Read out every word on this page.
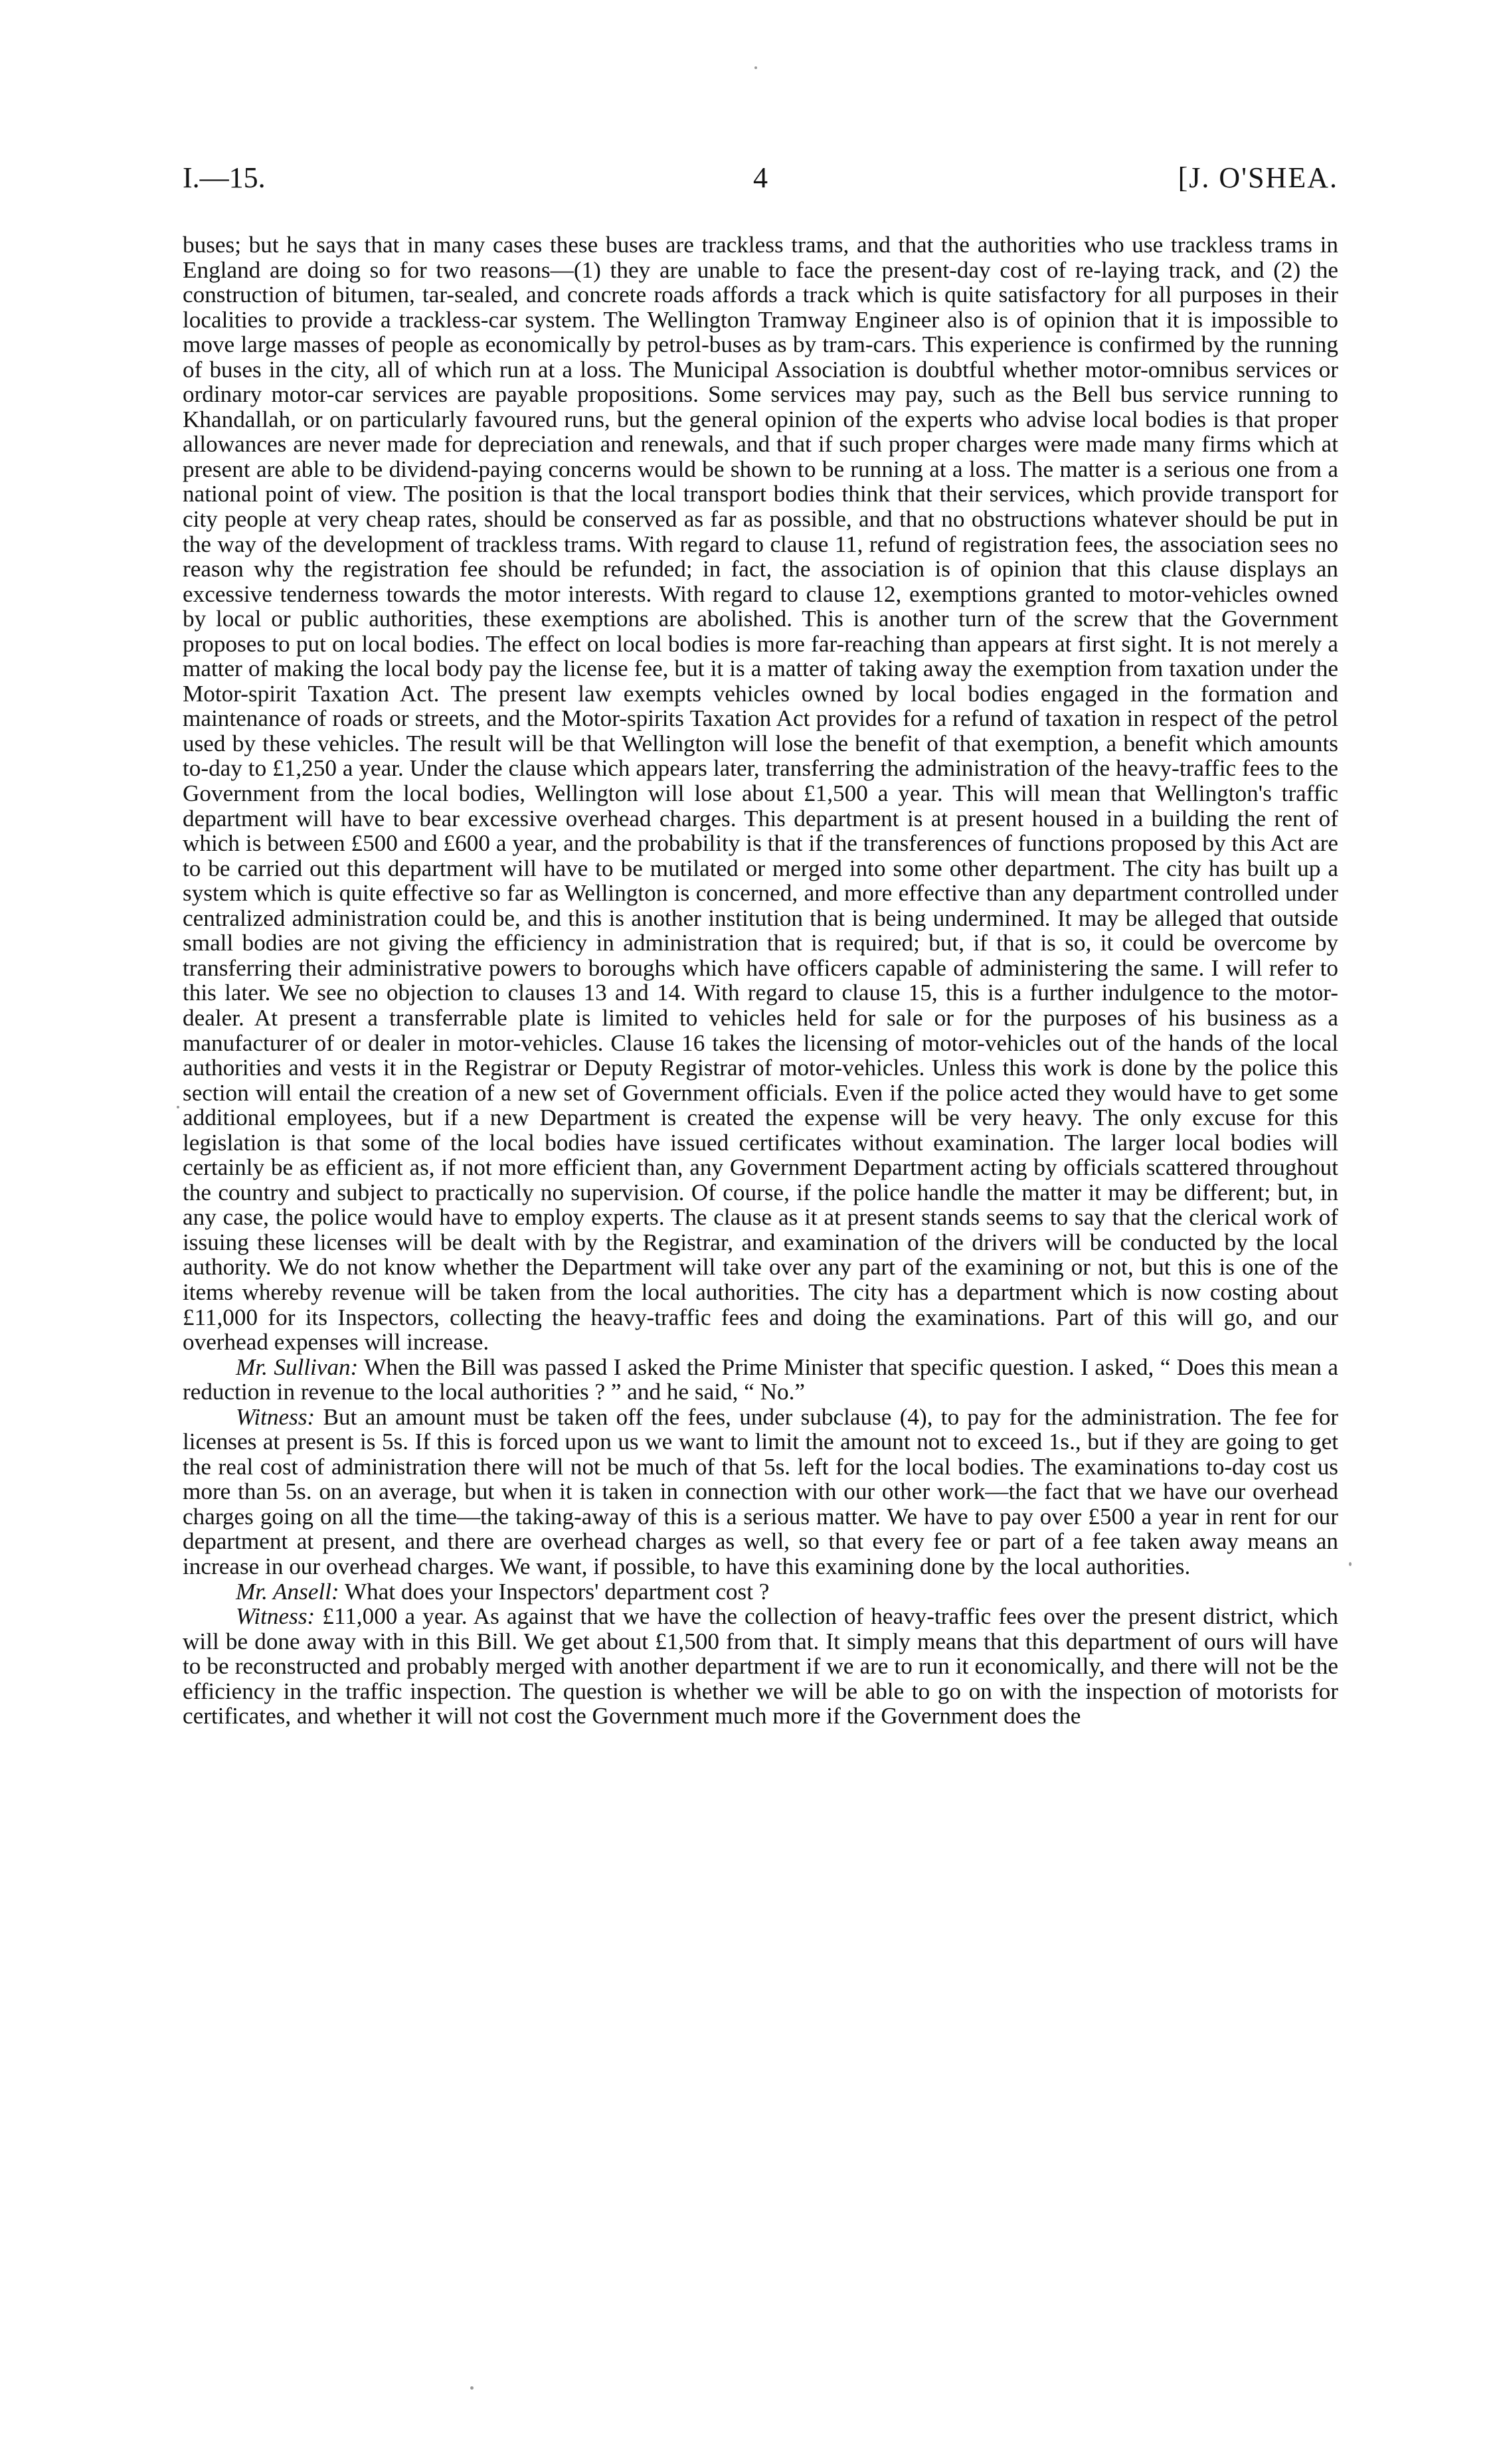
I.—15.	4	[J. O'SHEA.

buses; but he says that in many cases these buses are trackless trams, and that the authorities who use trackless trams in England are doing so for two reasons—(1) they are unable to face the present-day cost of re-laying track, and (2) the construction of bitumen, tar-sealed, and concrete roads affords a track which is quite satisfactory for all purposes in their localities to provide a trackless-car system. The Wellington Tramway Engineer also is of opinion that it is impossible to move large masses of people as economically by petrol-buses as by tram-cars. This experience is confirmed by the running of buses in the city, all of which run at a loss. The Municipal Association is doubtful whether motor-omnibus services or ordinary motor-car services are payable propositions. Some services may pay, such as the Bell bus service running to Khandallah, or on particularly favoured runs, but the general opinion of the experts who advise local bodies is that proper allowances are never made for depreciation and renewals, and that if such proper charges were made many firms which at present are able to be dividend-paying concerns would be shown to be running at a loss. The matter is a serious one from a national point of view. The position is that the local transport bodies think that their services, which provide transport for city people at very cheap rates, should be conserved as far as possible, and that no obstructions whatever should be put in the way of the development of trackless trams. With regard to clause 11, refund of registration fees, the association sees no reason why the registration fee should be refunded; in fact, the association is of opinion that this clause displays an excessive tenderness towards the motor interests. With regard to clause 12, exemptions granted to motor-vehicles owned by local or public authorities, these exemptions are abolished. This is another turn of the screw that the Government proposes to put on local bodies. The effect on local bodies is more far-reaching than appears at first sight. It is not merely a matter of making the local body pay the license fee, but it is a matter of taking away the exemption from taxation under the Motor-spirit Taxation Act. The present law exempts vehicles owned by local bodies engaged in the formation and maintenance of roads or streets, and the Motor-spirits Taxation Act provides for a refund of taxation in respect of the petrol used by these vehicles. The result will be that Wellington will lose the benefit of that exemption, a benefit which amounts to-day to £1,250 a year. Under the clause which appears later, transferring the administration of the heavy-traffic fees to the Government from the local bodies, Wellington will lose about £1,500 a year. This will mean that Wellington's traffic department will have to bear excessive overhead charges. This department is at present housed in a building the rent of which is between £500 and £600 a year, and the probability is that if the transferences of functions proposed by this Act are to be carried out this department will have to be mutilated or merged into some other department. The city has built up a system which is quite effective so far as Wellington is concerned, and more effective than any department controlled under centralized administration could be, and this is another institution that is being undermined. It may be alleged that outside small bodies are not giving the efficiency in administration that is required; but, if that is so, it could be overcome by transferring their administrative powers to boroughs which have officers capable of administering the same. I will refer to this later. We see no objection to clauses 13 and 14. With regard to clause 15, this is a further indulgence to the motor-dealer. At present a transferrable plate is limited to vehicles held for sale or for the purposes of his business as a manufacturer of or dealer in motor-vehicles. Clause 16 takes the licensing of motor-vehicles out of the hands of the local authorities and vests it in the Registrar or Deputy Registrar of motor-vehicles. Unless this work is done by the police this section will entail the creation of a new set of Government officials. Even if the police acted they would have to get some additional employees, but if a new Department is created the expense will be very heavy. The only excuse for this legislation is that some of the local bodies have issued certificates without examination. The larger local bodies will certainly be as efficient as, if not more efficient than, any Government Department acting by officials scattered throughout the country and subject to practically no supervision. Of course, if the police handle the matter it may be different; but, in any case, the police would have to employ experts. The clause as it at present stands seems to say that the clerical work of issuing these licenses will be dealt with by the Registrar, and examination of the drivers will be conducted by the local authority. We do not know whether the Department will take over any part of the examining or not, but this is one of the items whereby revenue will be taken from the local authorities. The city has a department which is now costing about £11,000 for its Inspectors, collecting the heavy-traffic fees and doing the examinations. Part of this will go, and our overhead expenses will increase.

Mr. Sullivan: When the Bill was passed I asked the Prime Minister that specific question. I asked, “ Does this mean a reduction in revenue to the local authorities ? ” and he said, “ No.”

Witness: But an amount must be taken off the fees, under subclause (4), to pay for the administration. The fee for licenses at present is 5s. If this is forced upon us we want to limit the amount not to exceed 1s., but if they are going to get the real cost of administration there will not be much of that 5s. left for the local bodies. The examinations to-day cost us more than 5s. on an average, but when it is taken in connection with our other work—the fact that we have our overhead charges going on all the time—the taking-away of this is a serious matter. We have to pay over £500 a year in rent for our department at present, and there are overhead charges as well, so that every fee or part of a fee taken away means an increase in our overhead charges. We want, if possible, to have this examining done by the local authorities.

Mr. Ansell: What does your Inspectors' department cost ?

Witness: £11,000 a year. As against that we have the collection of heavy-traffic fees over the present district, which will be done away with in this Bill. We get about £1,500 from that. It simply means that this department of ours will have to be reconstructed and probably merged with another department if we are to run it economically, and there will not be the efficiency in the traffic inspection. The question is whether we will be able to go on with the inspection of motorists for certificates, and whether it will not cost the Government much more if the Government does the
